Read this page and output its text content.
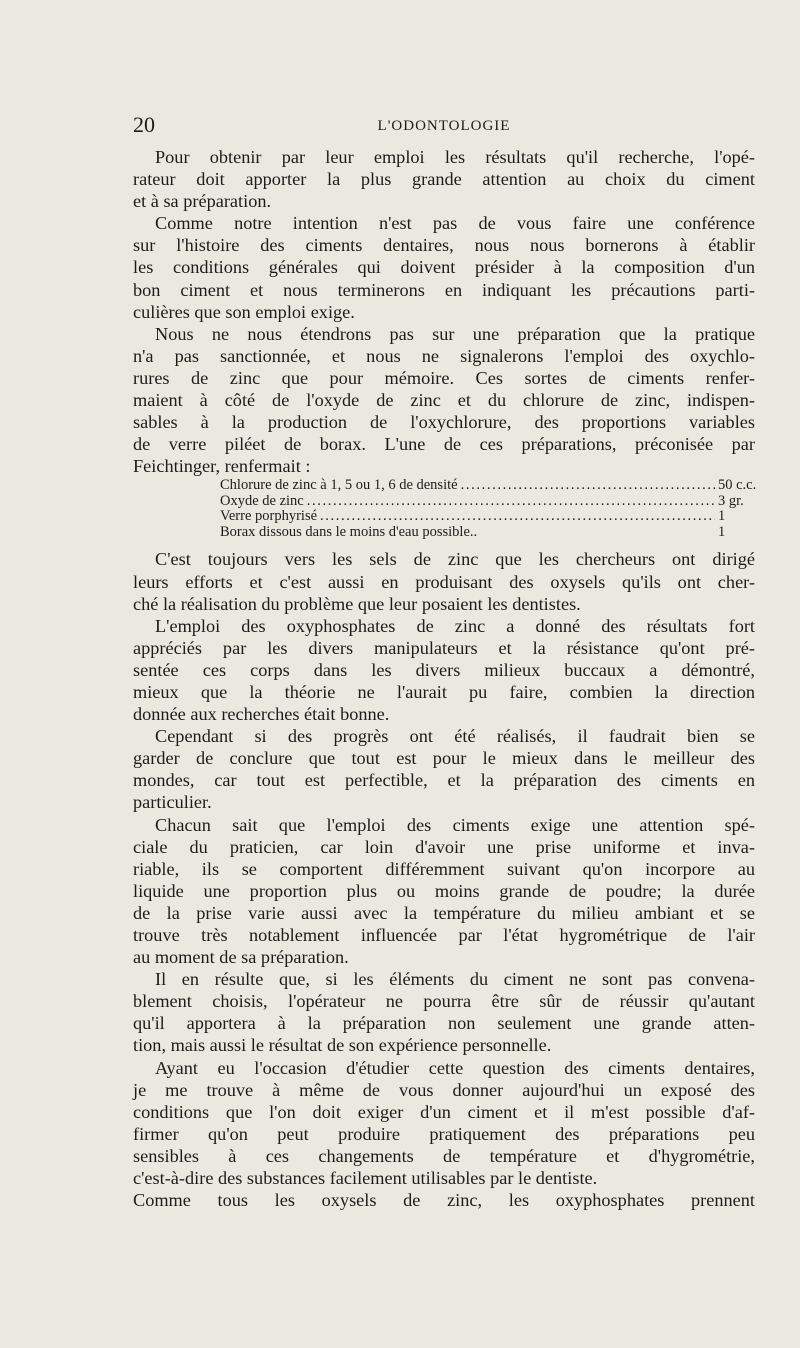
20	L'ODONTOLOGIE
Pour obtenir par leur emploi les résultats qu'il recherche, l'opé-
rateur doit apporter la plus grande attention au choix du ciment
et à sa préparation.
Comme notre intention n'est pas de vous faire une conférence
sur l'histoire des ciments dentaires, nous nous bornerons à établir
les conditions générales qui doivent présider à la composition d'un
bon ciment et nous terminerons en indiquant les précautions parti-
culières que son emploi exige.
Nous ne nous étendrons pas sur une préparation que la pratique
n'a pas sanctionnée, et nous ne signalerons l'emploi des oxychlo-
rures de zinc que pour mémoire. Ces sortes de ciments renfer-
maient à côté de l'oxyde de zinc et du chlorure de zinc, indispen-
sables à la production de l'oxychlorure, des proportions variables
de verre piléet de borax. L'une de ces préparations, préconisée par
Feichtinger, renfermait :
Chlorure de zinc à 1, 5 ou 1, 6 de densité . . .	50 c.c.
Oxyde de zinc . . .	3 gr.
Verre porphyrisé . . .	1
Borax dissous dans le moins d'eau possible..	1
C'est toujours vers les sels de zinc que les chercheurs ont dirigé
leurs efforts et c'est aussi en produisant des oxysels qu'ils ont cher-
ché la réalisation du problème que leur posaient les dentistes.
L'emploi des oxyphosphates de zinc a donné des résultats fort
appréciés par les divers manipulateurs et la résistance qu'ont pré-
sentée ces corps dans les divers milieux buccaux a démontré,
mieux que la théorie ne l'aurait pu faire, combien la direction
donnée aux recherches était bonne.
Cependant si des progrès ont été réalisés, il faudrait bien se
garder de conclure que tout est pour le mieux dans le meilleur des
mondes, car tout est perfectible, et la préparation des ciments en
particulier.
Chacun sait que l'emploi des ciments exige une attention spé-
ciale du praticien, car loin d'avoir une prise uniforme et inva-
riable, ils se comportent différemment suivant qu'on incorpore au
liquide une proportion plus ou moins grande de poudre; la durée
de la prise varie aussi avec la température du milieu ambiant et se
trouve très notablement influencée par l'état hygrométrique de l'air
au moment de sa préparation.
Il en résulte que, si les éléments du ciment ne sont pas convena-
blement choisis, l'opérateur ne pourra être sûr de réussir qu'autant
qu'il apportera à la préparation non seulement une grande atten-
tion, mais aussi le résultat de son expérience personnelle.
Ayant eu l'occasion d'étudier cette question des ciments dentaires,
je me trouve à même de vous donner aujourd'hui un exposé des
conditions que l'on doit exiger d'un ciment et il m'est possible d'af-
firmer qu'on peut produire pratiquement des préparations peu
sensibles à ces changements de température et d'hygrométrie,
c'est-à-dire des substances facilement utilisables par le dentiste.
Comme tous les oxysels de zinc, les oxyphosphates prennent
